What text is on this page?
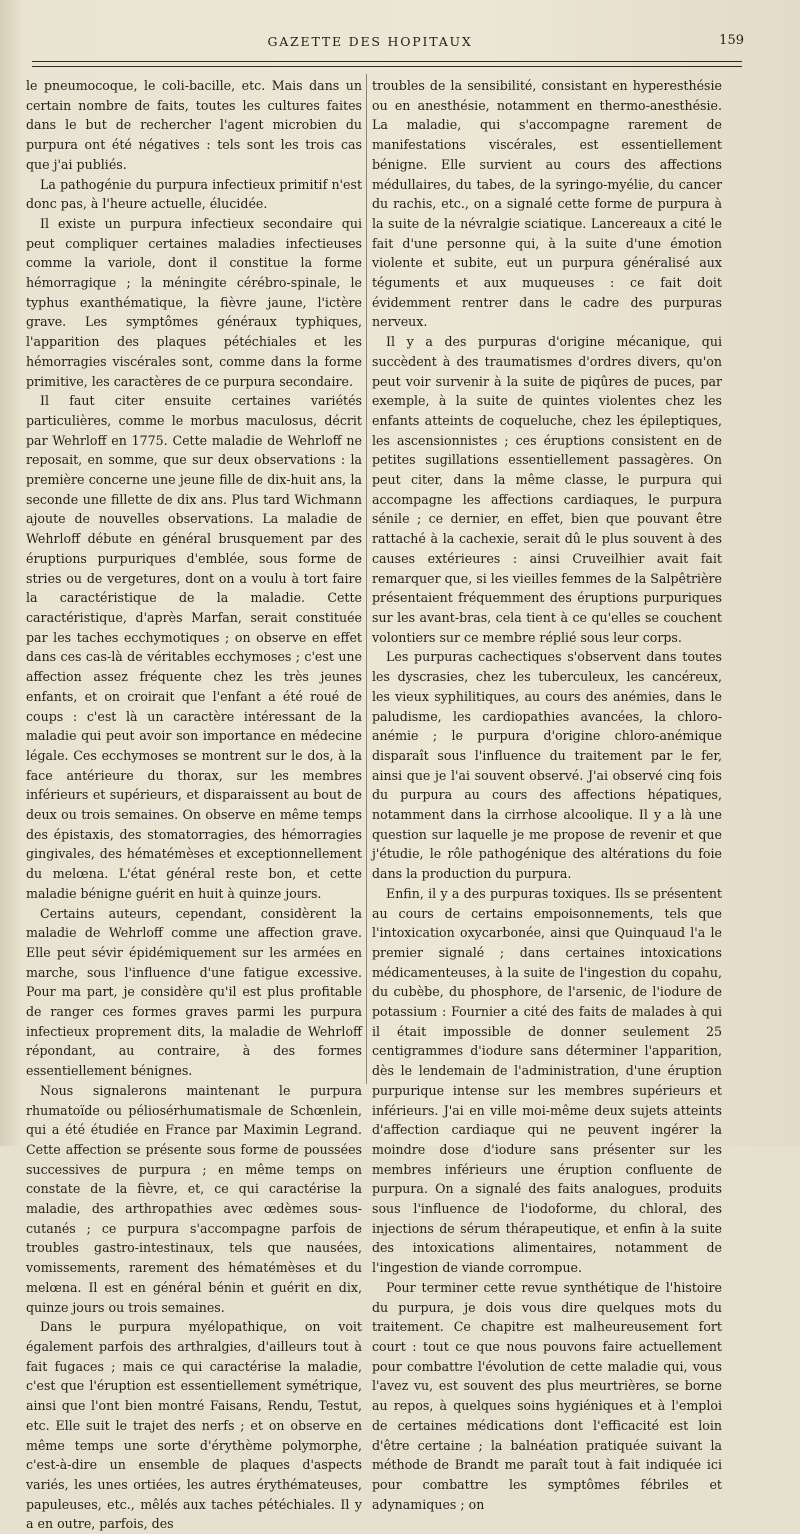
GAZETTE DES HOPITAUX	159

le pneumocoque, le coli-bacille, etc. Mais dans un certain nombre de faits, toutes les cultures faites dans le but de rechercher l'agent microbien du purpura ont été négatives : tels sont les trois cas que j'ai publiés.

La pathogénie du purpura infectieux primitif n'est donc pas, à l'heure actuelle, élucidée.

Il existe un purpura infectieux secondaire qui peut compliquer certaines maladies infectieuses comme la variole, dont il constitue la forme hémorragique ; la méningite cérébro-spinale, le typhus exanthématique, la fièvre jaune, l'ictère grave. Les symptômes généraux typhiques, l'apparition des plaques pétéchiales et les hémorragies viscérales sont, comme dans la forme primitive, les caractères de ce purpura secondaire.

Il faut citer ensuite certaines variétés particulières, comme le morbus maculosus, décrit par Wehrloff en 1775. Cette maladie de Wehrloff ne reposait, en somme, que sur deux observations : la première concerne une jeune fille de dix-huit ans, la seconde une fillette de dix ans. Plus tard Wichmann ajoute de nouvelles observations. La maladie de Wehrloff débute en général brusquement par des éruptions purpuriques d'emblée, sous forme de stries ou de vergetures, dont on a voulu à tort faire la caractéristique de la maladie. Cette caractéristique, d'après Marfan, serait constituée par les taches ecchymotiques ; on observe en effet dans ces cas-là de véritables ecchymoses ; c'est une affection assez fréquente chez les très jeunes enfants, et on croirait que l'enfant a été roué de coups : c'est là un caractère intéressant de la maladie qui peut avoir son importance en médecine légale. Ces ecchymoses se montrent sur le dos, à la face antérieure du thorax, sur les membres inférieurs et supérieurs, et disparaissent au bout de deux ou trois semaines. On observe en même temps des épistaxis, des stomatorragies, des hémorragies gingivales, des hématémèses et exceptionnellement du melœna. L'état général reste bon, et cette maladie bénigne guérit en huit à quinze jours.

Certains auteurs, cependant, considèrent la maladie de Wehrloff comme une affection grave. Elle peut sévir épidémiquement sur les armées en marche, sous l'influence d'une fatigue excessive. Pour ma part, je considère qu'il est plus profitable de ranger ces formes graves parmi les purpura infectieux proprement dits, la maladie de Wehrloff répondant, au contraire, à des formes essentiellement bénignes.

Nous signalerons maintenant le purpura rhumatoïde ou péliosérhumatismale de Schœnlein, qui a été étudiée en France par Maximin Legrand. Cette affection se présente sous forme de poussées successives de purpura ; en même temps on constate de la fièvre, et, ce qui caractérise la maladie, des arthropathies avec œdèmes sous-cutanés ; ce purpura s'accompagne parfois de troubles gastro-intestinaux, tels que nausées, vomissements, rarement des hématémèses et du melœna. Il est en général bénin et guérit en dix, quinze jours ou trois semaines.

Dans le purpura myélopathique, on voit également parfois des arthralgies, d'ailleurs tout à fait fugaces ; mais ce qui caractérise la maladie, c'est que l'éruption est essentiellement symétrique, ainsi que l'ont bien montré Faisans, Rendu, Testut, etc. Elle suit le trajet des nerfs ; et on observe en même temps une sorte d'érythème polymorphe, c'est-à-dire un ensemble de plaques d'aspects variés, les unes ortiées, les autres érythémateuses, papuleuses, etc., mêlés aux taches pétéchiales. Il y a en outre, parfois, des

troubles de la sensibilité, consistant en hyperesthésie ou en anesthésie, notamment en thermo-anesthésie. La maladie, qui s'accompagne rarement de manifestations viscérales, est essentiellement bénigne. Elle survient au cours des affections médullaires, du tabes, de la syringo-myélie, du cancer du rachis, etc., on a signalé cette forme de purpura à la suite de la névralgie sciatique. Lancereaux a cité le fait d'une personne qui, à la suite d'une émotion violente et subite, eut un purpura généralisé aux téguments et aux muqueuses : ce fait doit évidemment rentrer dans le cadre des purpuras nerveux.

Il y a des purpuras d'origine mécanique, qui succèdent à des traumatismes d'ordres divers, qu'on peut voir survenir à la suite de piqûres de puces, par exemple, à la suite de quintes violentes chez les enfants atteints de coqueluche, chez les épileptiques, les ascensionnistes ; ces éruptions consistent en de petites sugillations essentiellement passagères. On peut citer, dans la même classe, le purpura qui accompagne les affections cardiaques, le purpura sénile ; ce dernier, en effet, bien que pouvant être rattaché à la cachexie, serait dû le plus souvent à des causes extérieures : ainsi Cruveilhier avait fait remarquer que, si les vieilles femmes de la Salpêtrière présentaient fréquemment des éruptions purpuriques sur les avant-bras, cela tient à ce qu'elles se couchent volontiers sur ce membre réplié sous leur corps.

Les purpuras cachectiques s'observent dans toutes les dyscrasies, chez les tuberculeux, les cancéreux, les vieux syphilitiques, au cours des anémies, dans le paludisme, les cardiopathies avancées, la chloro-anémie ; le purpura d'origine chloro-anémique disparaît sous l'influence du traitement par le fer, ainsi que je l'ai souvent observé. J'ai observé cinq fois du purpura au cours des affections hépatiques, notamment dans la cirrhose alcoolique. Il y a là une question sur laquelle je me propose de revenir et que j'étudie, le rôle pathogénique des altérations du foie dans la production du purpura.

Enfin, il y a des purpuras toxiques. Ils se présentent au cours de certains empoisonnements, tels que l'intoxication oxycarbonée, ainsi que Quinquaud l'a le premier signalé ; dans certaines intoxications médicamenteuses, à la suite de l'ingestion du copahu, du cubèbe, du phosphore, de l'arsenic, de l'iodure de potassium : Fournier a cité des faits de malades à qui il était impossible de donner seulement 25 centigrammes d'iodure sans déterminer l'apparition, dès le lendemain de l'administration, d'une éruption purpurique intense sur les membres supérieurs et inférieurs. J'ai en ville moi-même deux sujets atteints d'affection cardiaque qui ne peuvent ingérer la moindre dose d'iodure sans présenter sur les membres inférieurs une éruption confluente de purpura. On a signalé des faits analogues, produits sous l'influence de l'iodoforme, du chloral, des injections de sérum thérapeutique, et enfin à la suite des intoxications alimentaires, notamment de l'ingestion de viande corrompue.

Pour terminer cette revue synthétique de l'histoire du purpura, je dois vous dire quelques mots du traitement. Ce chapitre est malheureusement fort court : tout ce que nous pouvons faire actuellement pour combattre l'évolution de cette maladie qui, vous l'avez vu, est souvent des plus meurtrières, se borne au repos, à quelques soins hygiéniques et à l'emploi de certaines médications dont l'efficacité est loin d'être certaine ; la balnéation pratiquée suivant la méthode de Brandt me paraît tout à fait indiquée ici pour combattre les symptômes fébriles et adynamiques ; on
